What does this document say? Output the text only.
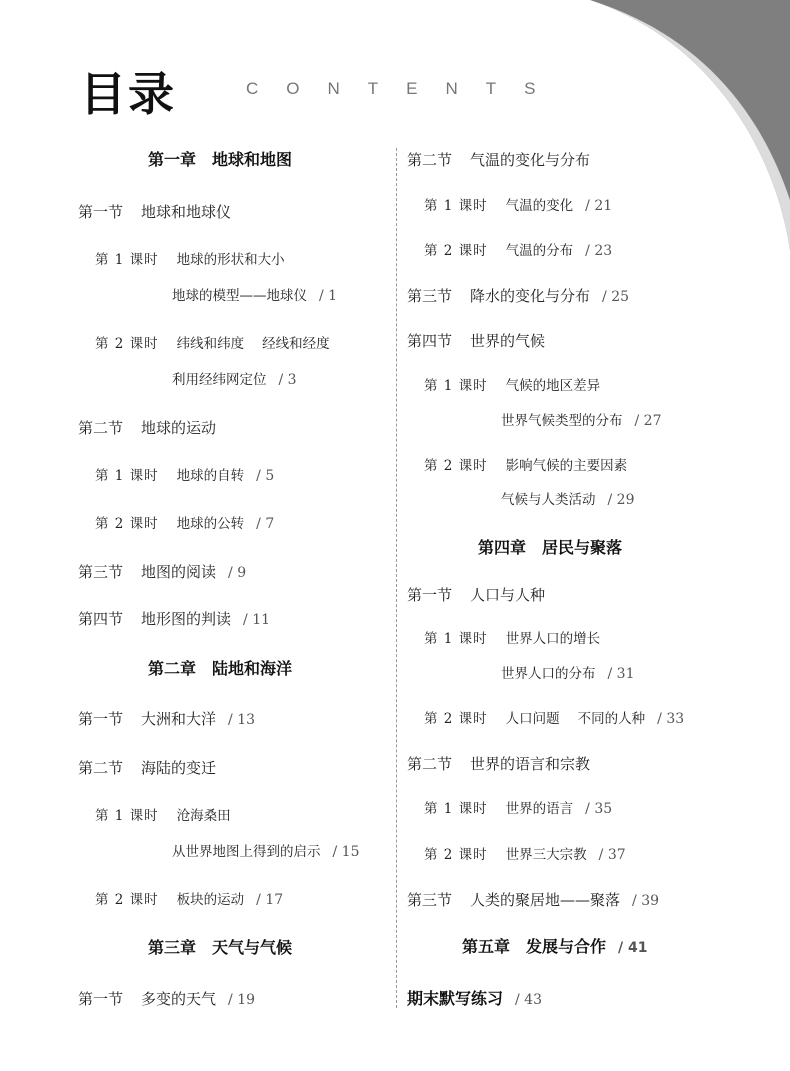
目录	CONTENTS
第一章 地球和地图
第一节 地球和地球仪
第 1 课时 地球的形状和大小
地球的模型——地球仪 / 1
第 2 课时 纬线和纬度 经线和经度
利用经纬网定位 / 3
第二节 地球的运动
第 1 课时 地球的自转 / 5
第 2 课时 地球的公转 / 7
第三节 地图的阅读 / 9
第四节 地形图的判读 / 11
第二章 陆地和海洋
第一节 大洲和大洋 / 13
第二节 海陆的变迁
第 1 课时 沧海桑田
从世界地图上得到的启示 / 15
第 2 课时 板块的运动 / 17
第三章 天气与气候
第一节 多变的天气 / 19
第二节 气温的变化与分布
第 1 课时 气温的变化 / 21
第 2 课时 气温的分布 / 23
第三节 降水的变化与分布 / 25
第四节 世界的气候
第 1 课时 气候的地区差异
世界气候类型的分布 / 27
第 2 课时 影响气候的主要因素
气候与人类活动 / 29
第四章 居民与聚落
第一节 人口与人种
第 1 课时 世界人口的增长
世界人口的分布 / 31
第 2 课时 人口问题 不同的人种 / 33
第二节 世界的语言和宗教
第 1 课时 世界的语言 / 35
第 2 课时 世界三大宗教 / 37
第三节 人类的聚居地——聚落 / 39
第五章 发展与合作 / 41
期末默写练习 / 43
